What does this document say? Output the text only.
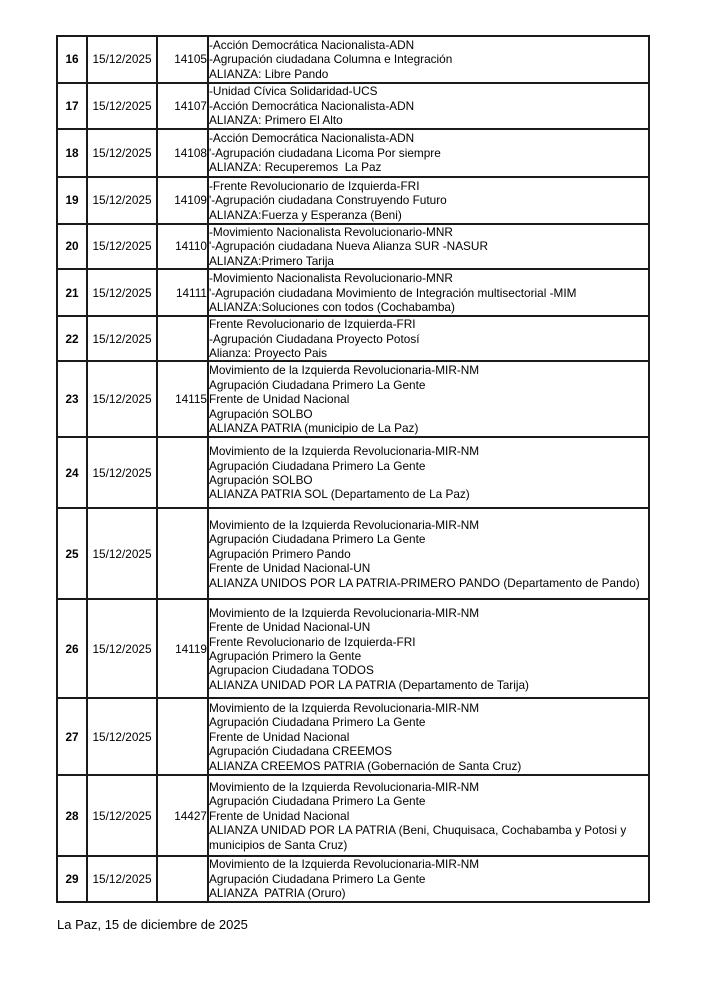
16	15/12/2025	14105	-Acción Democrática Nacionalista-ADN
-Agrupación ciudadana Columna e Integración
ALIANZA: Libre Pando

17	15/12/2025	14107	-Unidad Cívica Solidaridad-UCS
-Acción Democrática Nacionalista-ADN
ALIANZA: Primero El Alto

18	15/12/2025	14108	-Acción Democrática Nacionalista-ADN
'-Agrupación ciudadana Licoma Por siempre
ALIANZA: Recuperemos  La Paz

19	15/12/2025	14109	-Frente Revolucionario de Izquierda-FRI
'-Agrupación ciudadana Construyendo Futuro
ALIANZA:Fuerza y Esperanza (Beni)

20	15/12/2025	14110	-Movimiento Nacionalista Revolucionario-MNR
'-Agrupación ciudadana Nueva Alianza SUR -NASUR
ALIANZA:Primero Tarija

21	15/12/2025	14111	-Movimiento Nacionalista Revolucionario-MNR
'-Agrupación ciudadana Movimiento de Integración multisectorial -MIM
ALIANZA:Soluciones con todos (Cochabamba)

22	15/12/2025		Frente Revolucionario de Izquierda-FRI
-Agrupación Ciudadana Proyecto Potosí
Alianza: Proyecto Pais

23	15/12/2025	14115	Movimiento de la Izquierda Revolucionaria-MIR-NM
Agrupación Ciudadana Primero La Gente
Frente de Unidad Nacional
Agrupación SOLBO
ALIANZA PATRIA (municipio de La Paz)

24	15/12/2025		Movimiento de la Izquierda Revolucionaria-MIR-NM
Agrupación Ciudadana Primero La Gente
Agrupación SOLBO
ALIANZA PATRIA SOL (Departamento de La Paz)

25	15/12/2025		Movimiento de la Izquierda Revolucionaria-MIR-NM
Agrupación Ciudadana Primero La Gente
Agrupación Primero Pando
Frente de Unidad Nacional-UN
ALIANZA UNIDOS POR LA PATRIA-PRIMERO PANDO (Departamento de Pando)

26	15/12/2025	14119	
Movimiento de la Izquierda Revolucionaria-MIR-NM
Frente de Unidad Nacional-UN
Frente Revolucionario de Izquierda-FRI
Agrupación Primero la Gente
Agrupacion Ciudadana TODOS
ALIANZA UNIDAD POR LA PATRIA (Departamento de Tarija)

27	15/12/2025		Movimiento de la Izquierda Revolucionaria-MIR-NM
Agrupación Ciudadana Primero La Gente
Frente de Unidad Nacional
Agrupación Ciudadana CREEMOS
ALIANZA CREEMOS PATRIA (Gobernación de Santa Cruz)

28	15/12/2025	14427	Movimiento de la Izquierda Revolucionaria-MIR-NM
Agrupación Ciudadana Primero La Gente
Frente de Unidad Nacional
ALIANZA UNIDAD POR LA PATRIA (Beni, Chuquisaca, Cochabamba y Potosi y
municipios de Santa Cruz)

29	15/12/2025		Movimiento de la Izquierda Revolucionaria-MIR-NM
Agrupación Ciudadana Primero La Gente
ALIANZA  PATRIA (Oruro)
La Paz, 15 de diciembre de 2025
